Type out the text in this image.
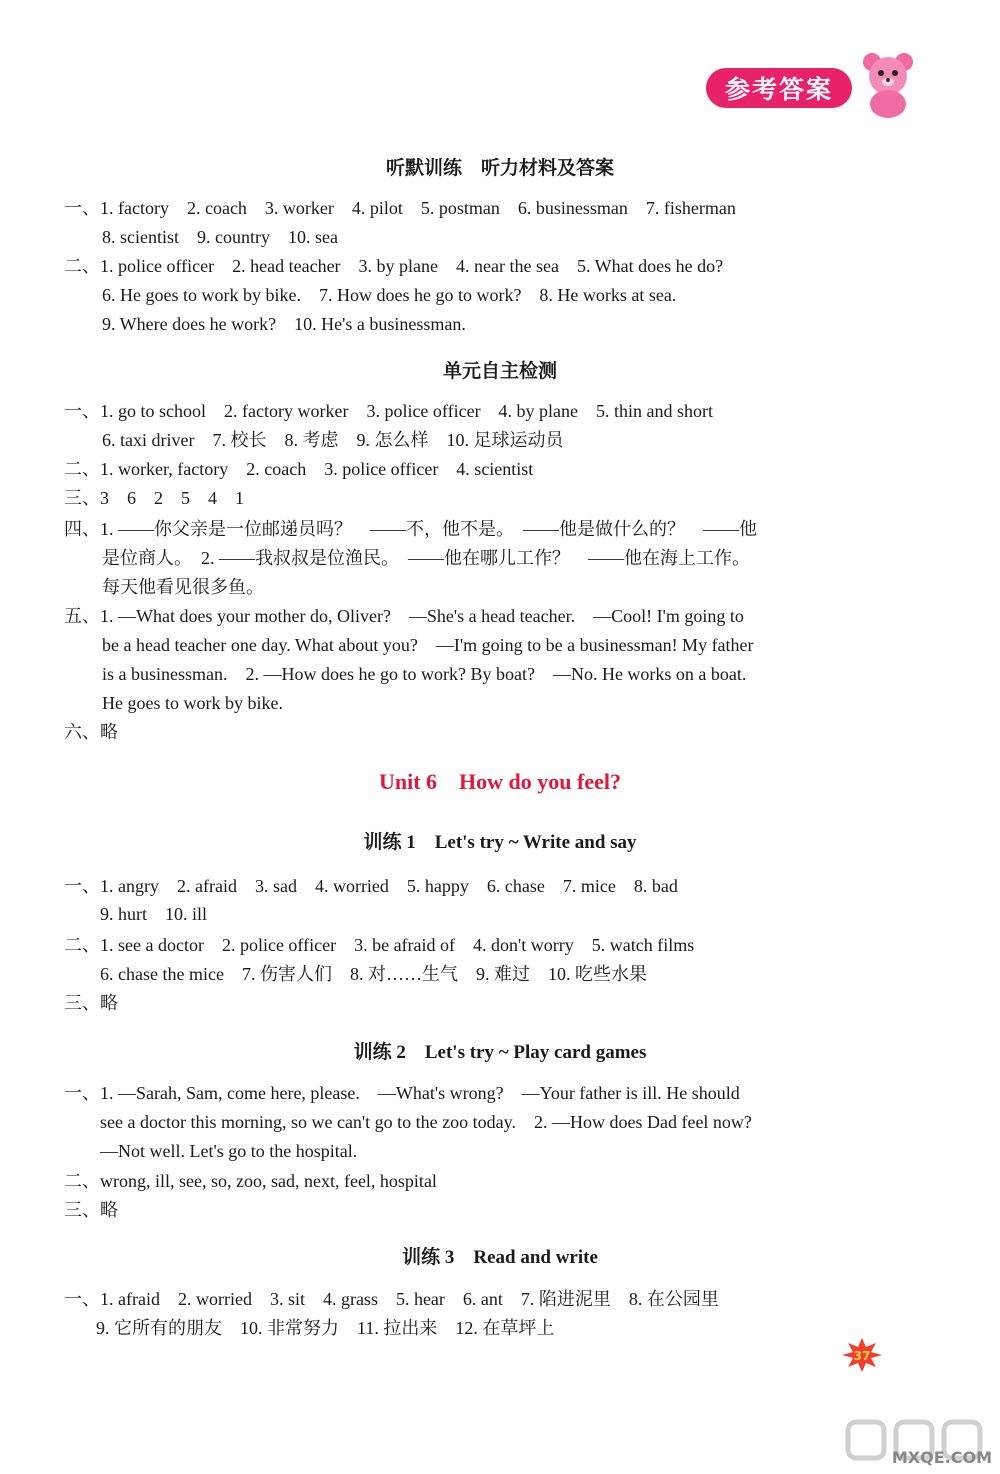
参考答案
听默训练　听力材料及答案
一、1. factory　2. coach　3. worker　4. pilot　5. postman　6. businessman　7. fisherman
8. scientist　9. country　10. sea
二、1. police officer　2. head teacher　3. by plane　4. near the sea　5. What does he do?
6. He goes to work by bike.　7. How does he go to work?　8. He works at sea.
9. Where does he work?　10. He's a businessman.
单元自主检测
一、1. go to school　2. factory worker　3. police officer　4. by plane　5. thin and short
6. taxi driver　7. 校长　8. 考虑　9. 怎么样　10. 足球运动员
二、1. worker, factory　2. coach　3. police officer　4. scientist
三、3　6　2　5　4　1
四、1. ——你父亲是一位邮递员吗？　——不，他不是。　——他是做什么的？　——他
是位商人。　2. ——我叔叔是位渔民。　——他在哪儿工作？　——他在海上工作。
每天他看见很多鱼。
五、1. —What does your mother do, Oliver?　—She's a head teacher.　—Cool! I'm going to
be a head teacher one day. What about you?　—I'm going to be a businessman! My father
is a businessman.　2. —How does he go to work? By boat?　—No. He works on a boat.
He goes to work by bike.
六、略
Unit 6　How do you feel?
训练 1　Let's try ~ Write and say
一、1. angry　2. afraid　3. sad　4. worried　5. happy　6. chase　7. mice　8. bad
9. hurt　10. ill
二、1. see a doctor　2. police officer　3. be afraid of　4. don't worry　5. watch films
6. chase the mice　7. 伤害人们　8. 对……生气　9. 难过　10. 吃些水果
三、略
训练 2　Let's try ~ Play card games
一、1. —Sarah, Sam, come here, please.　—What's wrong?　—Your father is ill. He should
see a doctor this morning, so we can't go to the zoo today.　2. —How does Dad feel now?
—Not well. Let's go to the hospital.
二、wrong, ill, see, so, zoo, sad, next, feel, hospital
三、略
训练 3　Read and write
一、1. afraid　2. worried　3. sit　4. grass　5. hear　6. ant　7. 陷进泥里　8. 在公园里
9. 它所有的朋友　10. 非常努力　11. 拉出来　12. 在草坪上
37
MXQE.COM
